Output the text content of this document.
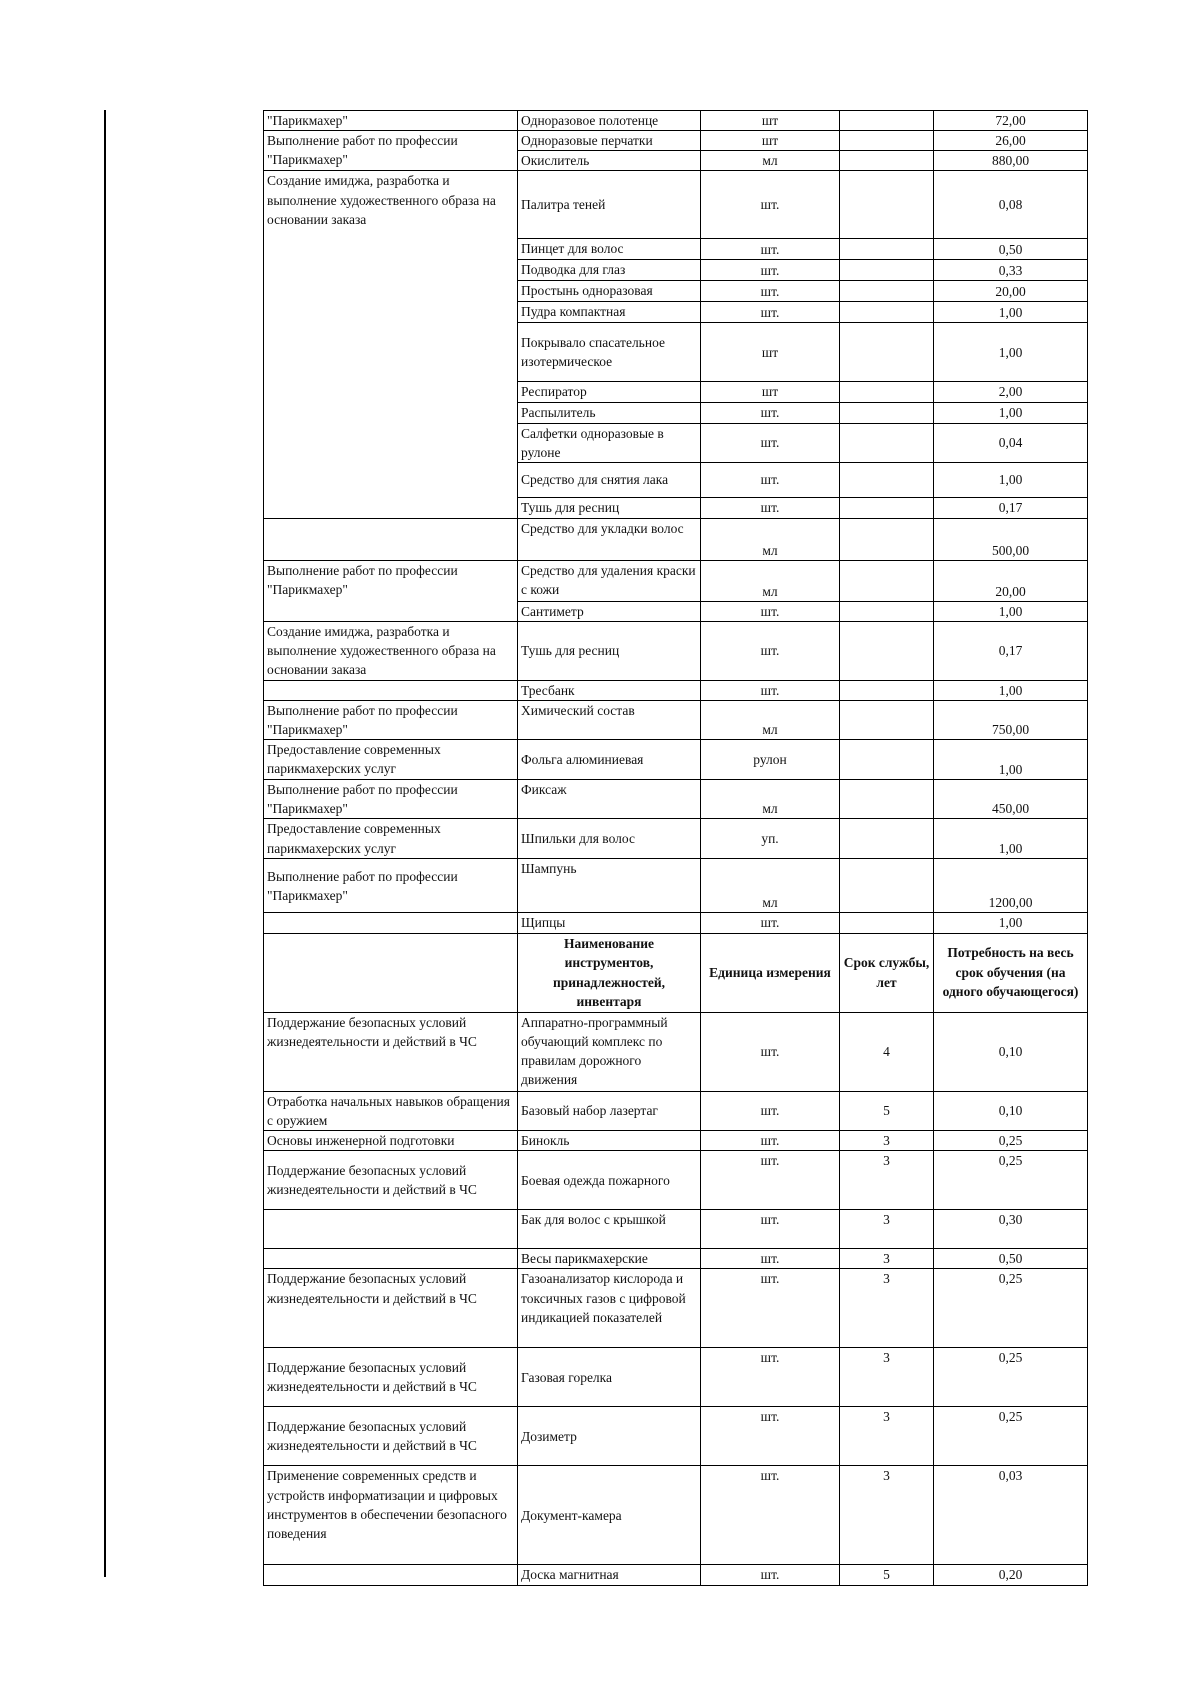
"Парикмахер"	Одноразовое полотенце	шт		72,00
Выполнение работ по профессии "Парикмахер"	Одноразовые перчатки	шт		26,00
	Окислитель	мл		880,00
Создание имиджа, разработка и выполнение художественного образа на основании заказа	Палитра теней	шт.		0,08
	Пинцет для волос	шт.		0,50
	Подводка для глаз	шт.		0,33
	Простынь одноразовая	шт.		20,00
	Пудра компактная	шт.		1,00
	Покрывало спасательное изотермическое	шт		1,00
	Респиратор	шт		2,00
	Распылитель	шт.		1,00
	Салфетки одноразовые в рулоне	шт.		0,04
	Средство для снятия лака	шт.		1,00
	Тушь для ресниц	шт.		0,17
	Средство для укладки волос	мл		500,00
Выполнение работ по профессии "Парикмахер"	Средство для удаления краски с кожи	мл		20,00
	Сантиметр	шт.		1,00
Создание имиджа, разработка и выполнение художественного образа на основании заказа	Тушь для ресниц	шт.		0,17
	Тресбанк	шт.		1,00
Выполнение работ по профессии "Парикмахер"	Химический состав	мл		750,00
Предоставление современных парикмахерских услуг	Фольга алюминиевая	рулон		1,00
Выполнение работ по профессии "Парикмахер"	Фиксаж	мл		450,00
Предоставление современных парикмахерских услуг	Шпильки для волос	уп.		1,00
Выполнение работ по профессии "Парикмахер"	Шампунь	мл		1200,00
	Щипцы	шт.		1,00
	Наименование инструментов, принадлежностей, инвентаря	Единица измерения	Срок службы, лет	Потребность на весь срок обучения (на одного обучающегося)
Поддержание безопасных условий жизнедеятельности и действий в ЧС	Аппаратно-программный обучающий комплекс по правилам дорожного движения	шт.	4	0,10
Отработка начальных навыков обращения с оружием	Базовый набор лазертаг	шт.	5	0,10
Основы инженерной подготовки	Бинокль	шт.	3	0,25
Поддержание безопасных условий жизнедеятельности и действий в ЧС	Боевая одежда пожарного	шт.	3	0,25
	Бак для волос с крышкой	шт.	3	0,30
	Весы парикмахерские	шт.	3	0,50
Поддержание безопасных условий жизнедеятельности и действий в ЧС	Газоанализатор кислорода и токсичных газов с цифровой индикацией показателей	шт.	3	0,25
Поддержание безопасных условий жизнедеятельности и действий в ЧС	Газовая горелка	шт.	3	0,25
Поддержание безопасных условий жизнедеятельности и действий в ЧС	Дозиметр	шт.	3	0,25
Применение современных средств и устройств информатизации и цифровых инструментов в обеспечении безопасного поведения	Документ-камера	шт.	3	0,03
	Доска магнитная	шт.	5	0,20
